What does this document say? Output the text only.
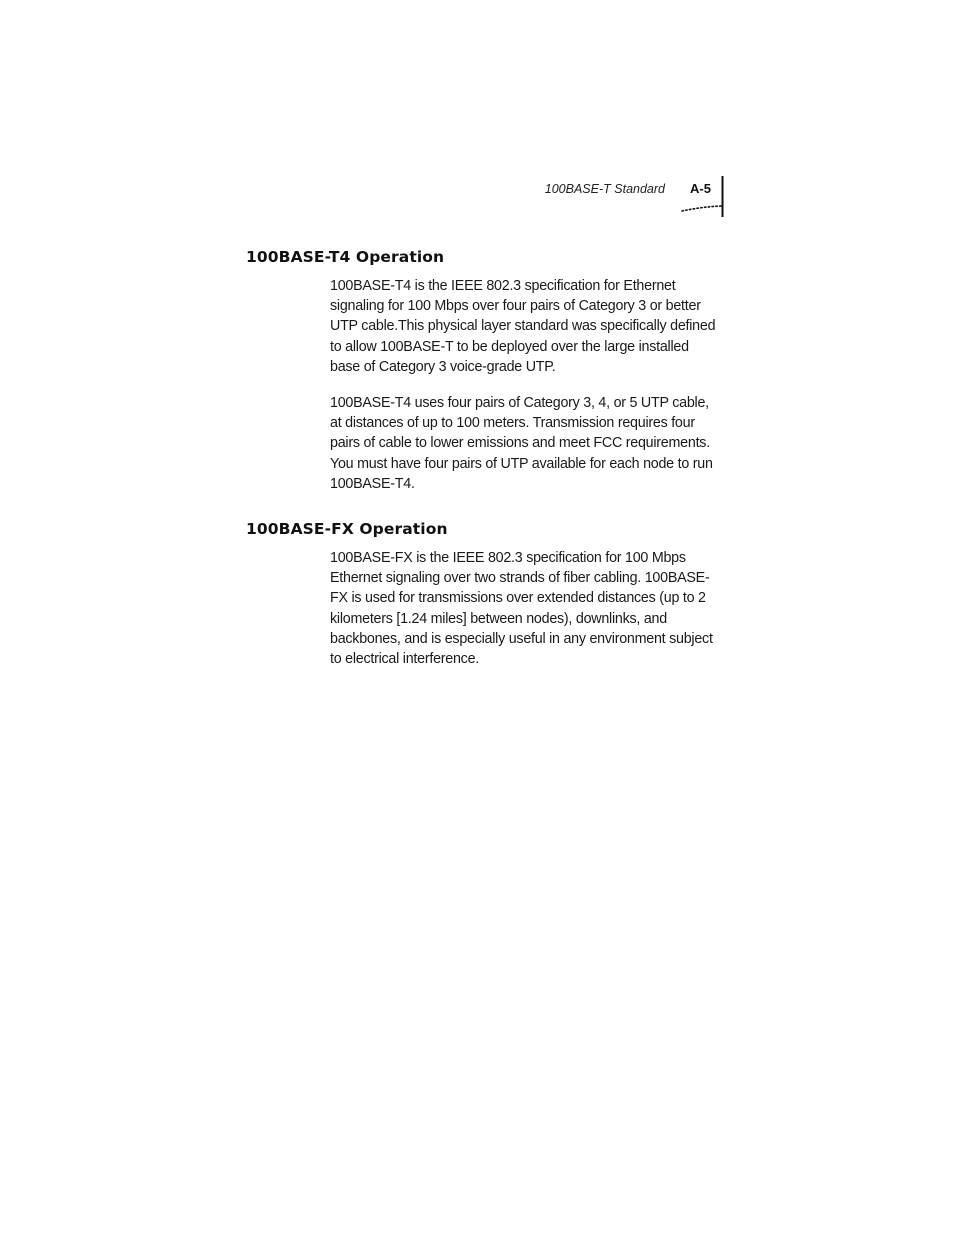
100BASE-T Standard A-5
100BASE-T4 Operation

100BASE-T4 is the IEEE 802.3 specification for Ethernet signaling for 100 Mbps over four pairs of Category 3 or better UTP cable.This physical layer standard was specifically defined to allow 100BASE-T to be deployed over the large installed base of Category 3 voice-grade UTP.

100BASE-T4 uses four pairs of Category 3, 4, or 5 UTP cable, at distances of up to 100 meters. Transmission requires four pairs of cable to lower emissions and meet FCC requirements. You must have four pairs of UTP available for each node to run 100BASE-T4.

100BASE-FX Operation

100BASE-FX is the IEEE 802.3 specification for 100 Mbps Ethernet signaling over two strands of fiber cabling. 100BASE-FX is used for transmissions over extended distances (up to 2 kilometers [1.24 miles] between nodes), downlinks, and backbones, and is especially useful in any environment subject to electrical interference.
